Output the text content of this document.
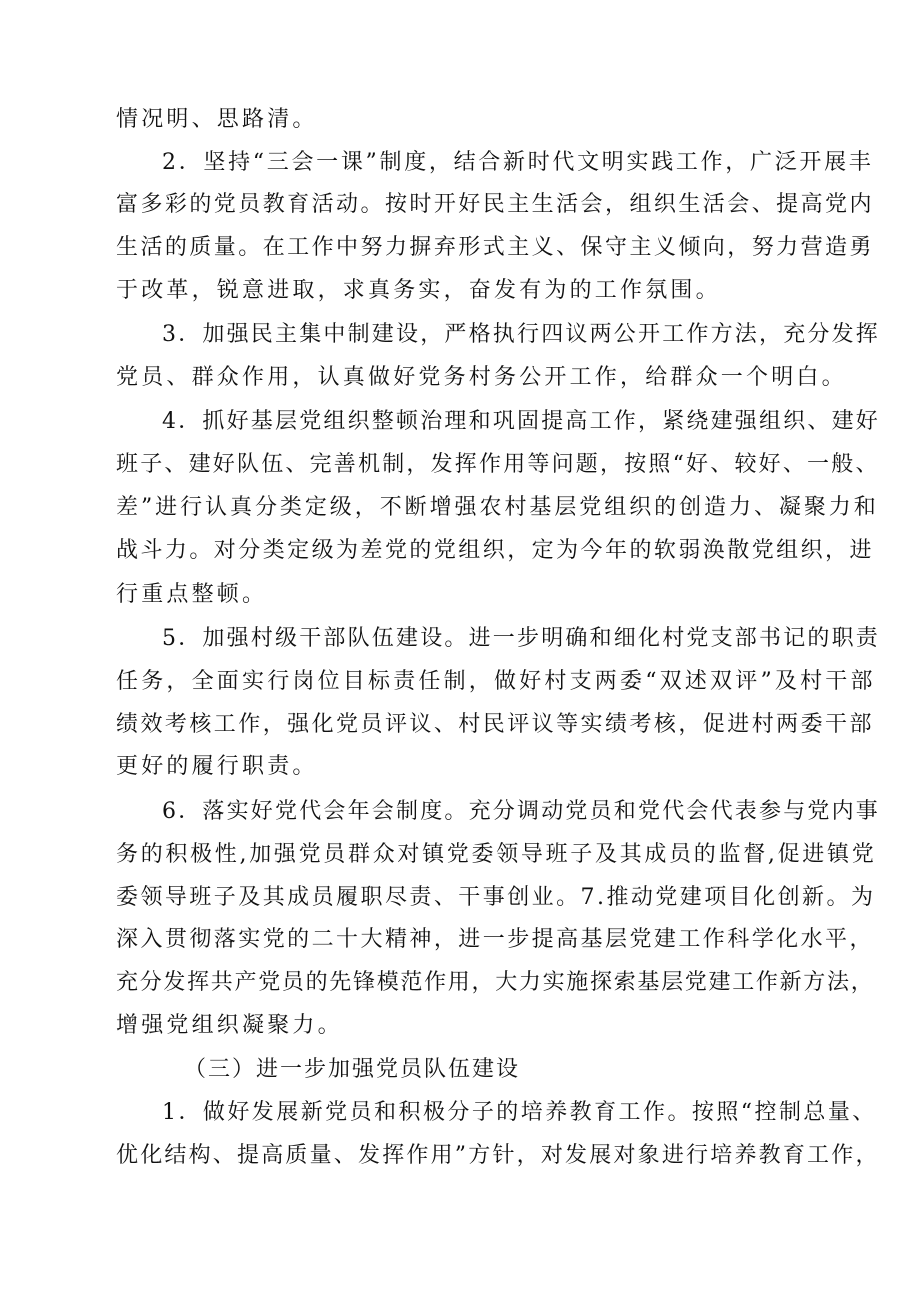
情况明、思路清。
2．坚持“三会一课”制度，结合新时代文明实践工作，广泛开展丰
富多彩的党员教育活动。按时开好民主生活会，组织生活会、提高党内
生活的质量。在工作中努力摒弃形式主义、保守主义倾向，努力营造勇
于改革，锐意进取，求真务实，奋发有为的工作氛围。
3．加强民主集中制建设，严格执行四议两公开工作方法，充分发挥
党员、群众作用，认真做好党务村务公开工作，给群众一个明白。
4．抓好基层党组织整顿治理和巩固提高工作，紧绕建强组织、建好
班子、建好队伍、完善机制，发挥作用等问题，按照“好、较好、一般、
差”进行认真分类定级，不断增强农村基层党组织的创造力、凝聚力和
战斗力。对分类定级为差党的党组织，定为今年的软弱涣散党组织，进
行重点整顿。
5．加强村级干部队伍建设。进一步明确和细化村党支部书记的职责
任务，全面实行岗位目标责任制，做好村支两委“双述双评”及村干部
绩效考核工作，强化党员评议、村民评议等实绩考核，促进村两委干部
更好的履行职责。
6．落实好党代会年会制度。充分调动党员和党代会代表参与党内事
务的积极性,加强党员群众对镇党委领导班子及其成员的监督,促进镇党
委领导班子及其成员履职尽责、干事创业。7.推动党建项目化创新。为
深入贯彻落实党的二十大精神，进一步提高基层党建工作科学化水平，
充分发挥共产党员的先锋模范作用，大力实施探索基层党建工作新方法，
增强党组织凝聚力。
（三）进一步加强党员队伍建设
1．做好发展新党员和积极分子的培养教育工作。按照“控制总量、
优化结构、提高质量、发挥作用”方针，对发展对象进行培养教育工作，
